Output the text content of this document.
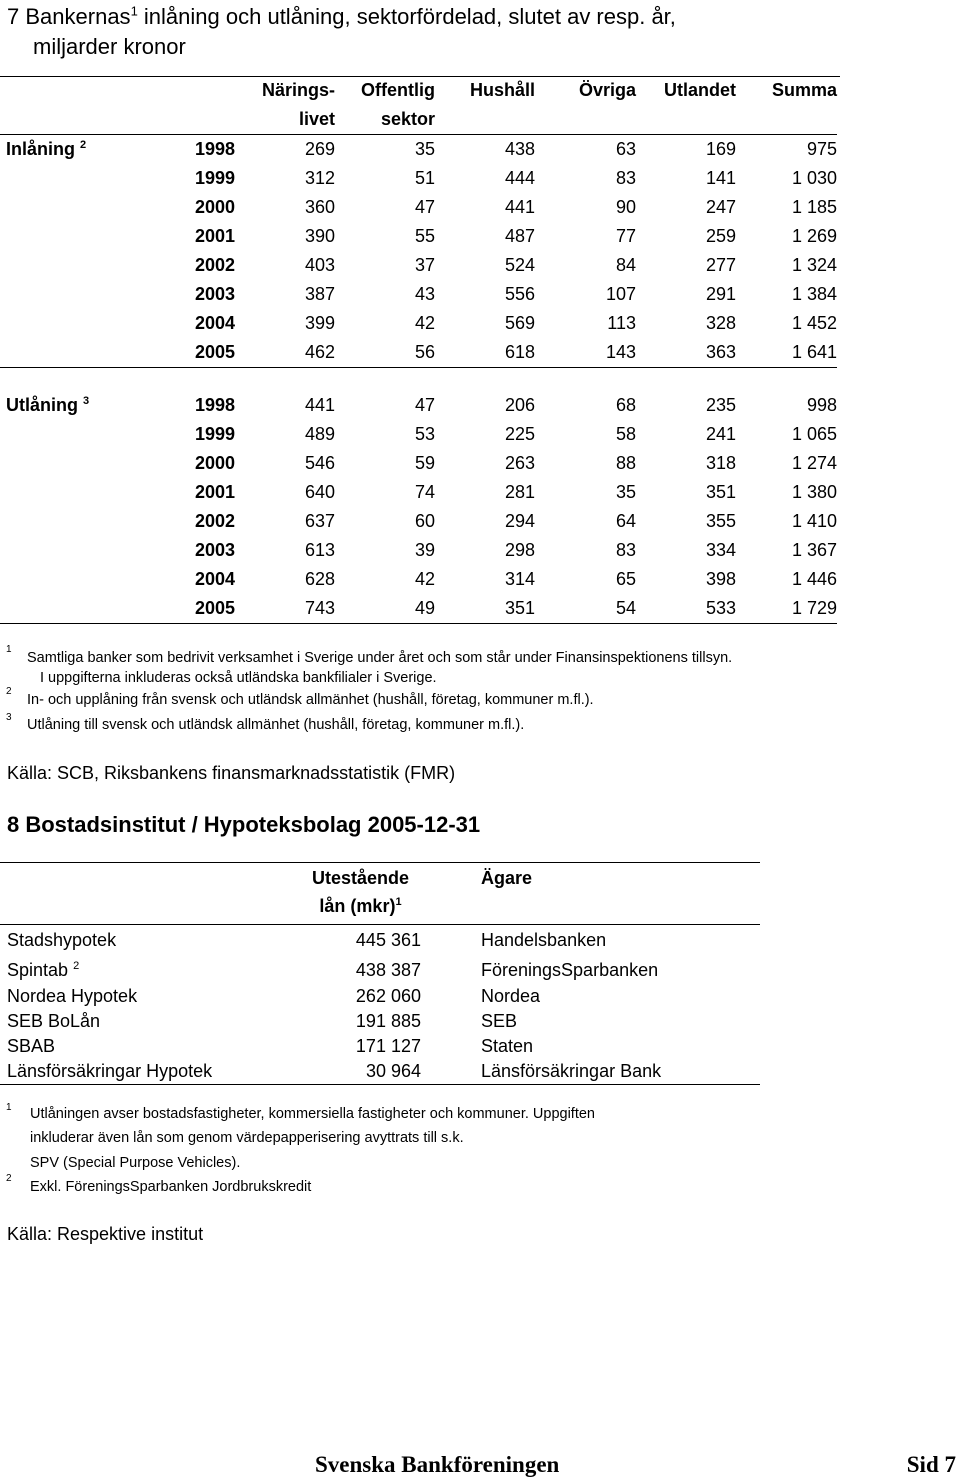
7 Bankernas$^1$ inlåning och utlåning, sektorfördelad, slutet av resp. år,
miljarder kronor
		Närings-	Offentlig	Hushåll	Övriga	Utlandet	Summa
		livet	sektor				
Inlåning $^2$	1998	269	35	438	63	169	975
	1999	312	51	444	83	141	1 030
	2000	360	47	441	90	247	1 185
	2001	390	55	487	77	259	1 269
	2002	403	37	524	84	277	1 324
	2003	387	43	556	107	291	1 384
	2004	399	42	569	113	328	1 452
	2005	462	56	618	143	363	1 641

Utlåning $^3$	1998	441	47	206	68	235	998
	1999	489	53	225	58	241	1 065
	2000	546	59	263	88	318	1 274
	2001	640	74	281	35	351	1 380
	2002	637	60	294	64	355	1 410
	2003	613	39	298	83	334	1 367
	2004	628	42	314	65	398	1 446
	2005	743	49	351	54	533	1 729
1
Samtliga banker som bedrivit verksamhet i Sverige under året och som står under Finansinspektionens tillsyn.
I uppgifterna inkluderas också utländska bankfilialer i Sverige.
2
In- och upplåning från svensk och utländsk allmänhet (hushåll, företag, kommuner m.fl.).
3 Utlåning till svensk och utländsk allmänhet (hushåll, företag, kommuner m.fl.).
Källa: SCB, Riksbankens finansmarknadsstatistik (FMR)
8 Bostadsinstitut / Hypoteksbolag 2005-12-31

	Utestående
lån (mkr)$^1$		Ägare
Stadshypotek	445 361		Handelsbanken
Spintab $^2$	438 387		FöreningsSparbanken
Nordea Hypotek	262 060		Nordea
SEB BoLån	191 885		SEB
SBAB	171 127		Staten
Länsförsäkringar Hypotek	30 964		Länsförsäkringar Bank
1 Utlåningen avser bostadsfastigheter, kommersiella fastigheter och kommuner. Uppgiften
inkluderar även lån som genom värdepapperisering avyttrats till s.k.
SPV (Special Purpose Vehicles).
2
Exkl. FöreningsSparbanken Jordbrukskredit
Källa: Respektive institut
Svenska Bankföreningen	Sid 7
